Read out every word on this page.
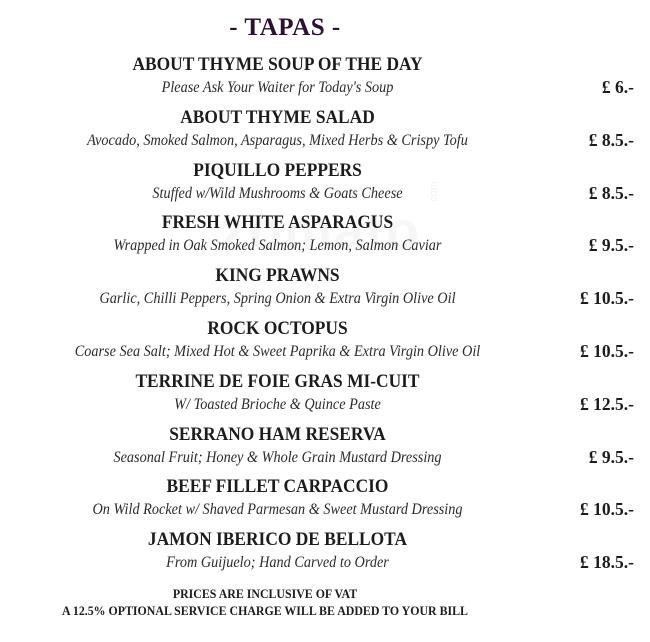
.com
- TAPAS -
ABOUT THYME SOUP OF THE DAY
Please Ask Your Waiter for Today's Soup	£ 6.-
ABOUT THYME SALAD
Avocado, Smoked Salmon, Asparagus, Mixed Herbs & Crispy Tofu	£ 8.5.-
PIQUILLO PEPPERS
Stuffed w/Wild Mushrooms & Goats Cheese	£ 8.5.-
FRESH WHITE ASPARAGUS
Wrapped in Oak Smoked Salmon; Lemon, Salmon Caviar	£ 9.5.-
KING PRAWNS
Garlic, Chilli Peppers, Spring Onion & Extra Virgin Olive Oil	£ 10.5.-
ROCK OCTOPUS
Coarse Sea Salt; Mixed Hot & Sweet Paprika & Extra Virgin Olive Oil	£ 10.5.-
TERRINE DE FOIE GRAS MI-CUIT
W/ Toasted Brioche & Quince Paste	£ 12.5.-
SERRANO HAM RESERVA
Seasonal Fruit; Honey & Whole Grain Mustard Dressing	£ 9.5.-
BEEF FILLET CARPACCIO
On Wild Rocket w/ Shaved Parmesan & Sweet Mustard Dressing	£ 10.5.-
JAMON IBERICO DE BELLOTA
From Guijuelo; Hand Carved to Order	£ 18.5.-
PRICES ARE INCLUSIVE OF VAT
A 12.5% OPTIONAL SERVICE CHARGE WILL BE ADDED TO YOUR BILL
